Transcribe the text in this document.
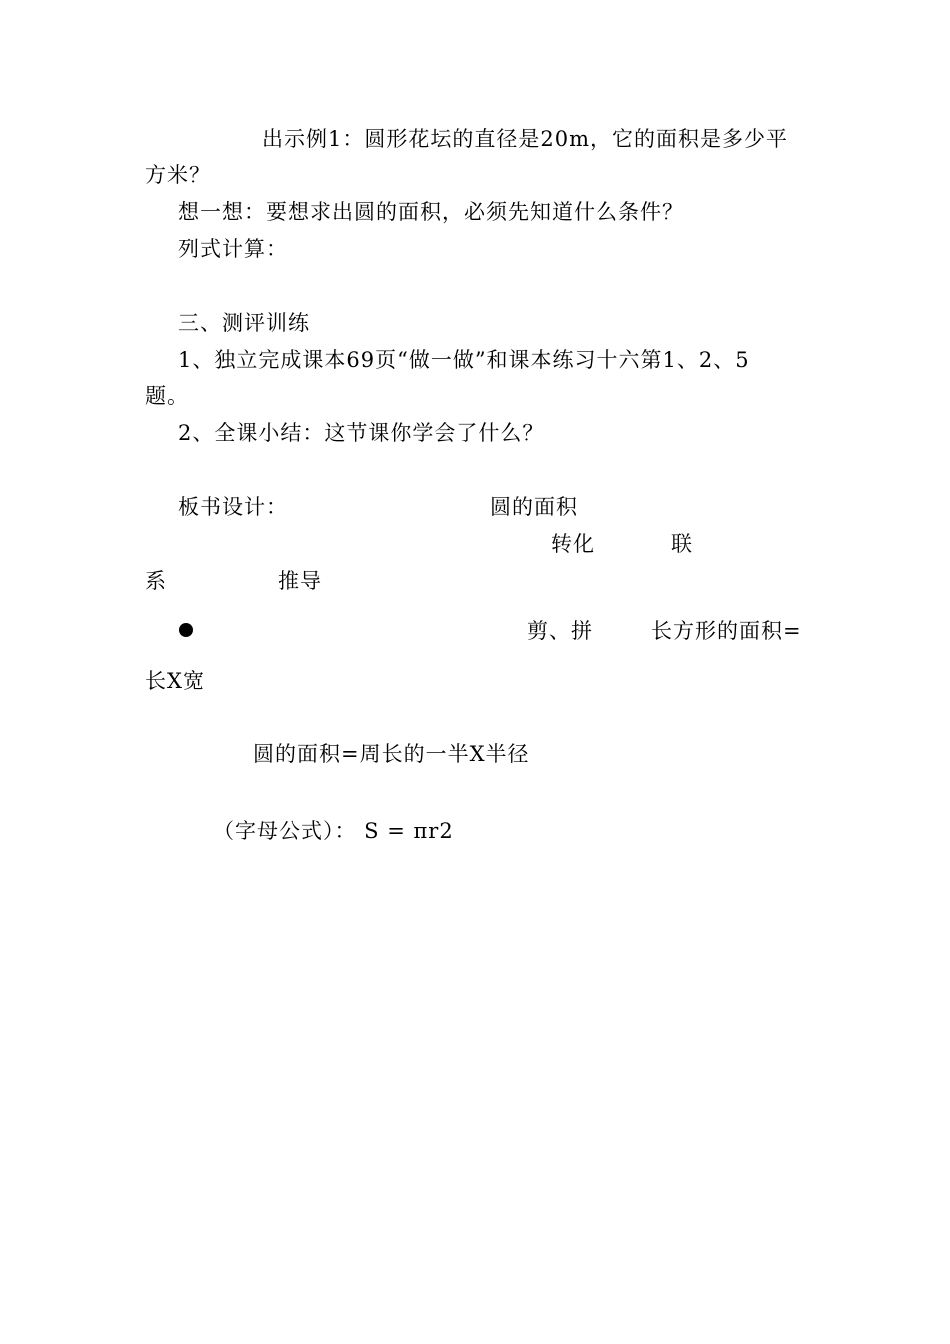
出示例1：圆形花坛的直径是20m，它的面积是多少平
方米？
想一想：要想求出圆的面积，必须先知道什么条件？
列式计算：
三、测评训练
1、独立完成课本69页“做一做”和课本练习十六第1、2、5
题。
2、全课小结：这节课你学会了什么？
板书设计：	圆的面积
转化	联
系	推导
剪、拼	长方形的面积=
长X宽
圆的面积=周长的一半X半径
（字母公式）： S = πr2
